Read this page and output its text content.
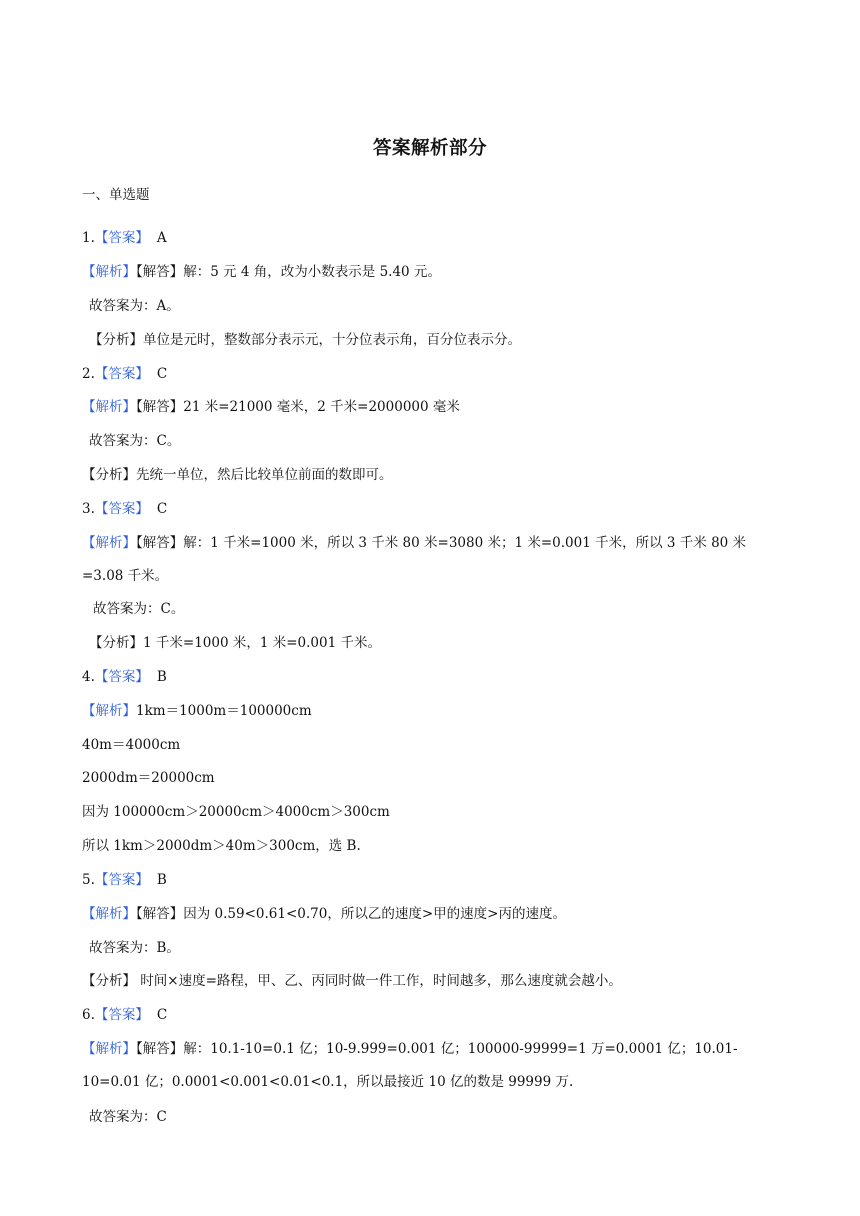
答案解析部分
一、单选题
1.【答案】 A
【解析】【解答】解：5 元 4 角，改为小数表示是 5.40 元。
故答案为：A。
【分析】单位是元时，整数部分表示元，十分位表示角，百分位表示分。
2.【答案】 C
【解析】【解答】21 米=21000 毫米，2 千米=2000000 毫米
故答案为：C。
【分析】先统一单位，然后比较单位前面的数即可。
3.【答案】 C
【解析】【解答】解：1 千米=1000 米，所以 3 千米 80 米=3080 米；1 米=0.001 千米，所以 3 千米 80 米=3.08 千米。
故答案为：C。
【分析】1 千米=1000 米，1 米=0.001 千米。
4.【答案】 B
【解析】1km＝1000m＝100000cm
40m＝4000cm
2000dm＝20000cm
因为 100000cm＞20000cm＞4000cm＞300cm
所以 1km＞2000dm＞40m＞300cm，选 B.
5.【答案】 B
【解析】【解答】因为 0.59<0.61<0.70，所以乙的速度>甲的速度>丙的速度。
故答案为：B。
【分析】 时间×速度=路程，甲、乙、丙同时做一件工作，时间越多，那么速度就会越小。
6.【答案】 C
【解析】【解答】解：10.1-10=0.1 亿；10-9.999=0.001 亿；100000-99999=1 万=0.0001 亿；10.01-10=0.01 亿；0.0001<0.001<0.01<0.1，所以最接近 10 亿的数是 99999 万.
故答案为：C
